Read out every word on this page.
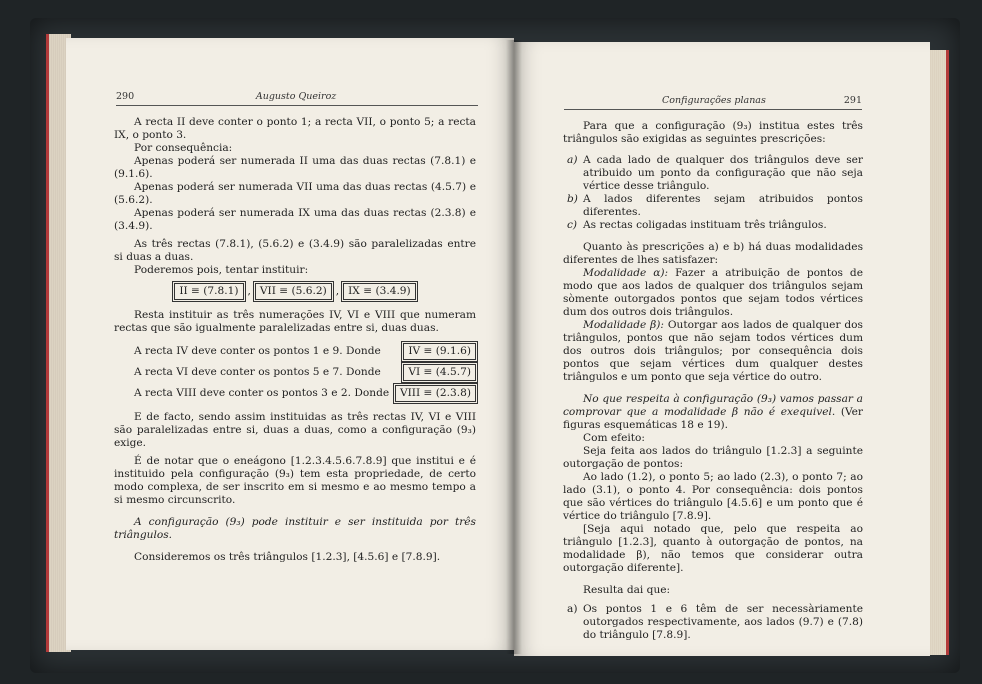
290	Augusto Queiroz

A recta II deve conter o ponto 1; a recta VII, o ponto 5; a recta IX, o ponto 3.

Por consequência:

Apenas poderá ser numerada II uma das duas rectas (7.8.1) e (9.1.6).

Apenas poderá ser numerada VII uma das duas rectas (4.5.7) e (5.6.2).

Apenas poderá ser numerada IX uma das duas rectas (2.3.8) e (3.4.9).

As três rectas (7.8.1), (5.6.2) e (3.4.9) são paralelizadas entre si duas a duas.

Poderemos pois, tentar instituir:

II ≡ (7.8.1) , VII ≡ (5.6.2) , IX ≡ (3.4.9)

Resta instituir as três numerações IV, VI e VIII que numeram rectas que são igualmente paralelizadas entre si, duas duas.

A recta IV deve conter os pontos 1 e 9. Donde	IV ≡ (9.1.6)
A recta VI deve conter os pontos 5 e 7. Donde	VI ≡ (4.5.7)
A recta VIII deve conter os pontos 3 e 2. Donde	VIII ≡ (2.3.8)

E de facto, sendo assim instituidas as três rectas IV, VI e VIII são paralelizadas entre si, duas a duas, como a configuração (9₃) exige.

É de notar que o eneágono [1.2.3.4.5.6.7.8.9] que institui e é instituido pela configuração (9₃) tem esta propriedade, de certo modo complexa, de ser inscrito em si mesmo e ao mesmo tempo a si mesmo circunscrito.

A configuração (9₃) pode instituir e ser instituida por três triângulos.

Consideremos os três triângulos [1.2.3], [4.5.6] e [7.8.9].

Configurações planas	291

Para que a configuração (9₃) institua estes três triângulos são exigidas as seguintes prescrições:

a) A cada lado de qualquer dos triângulos deve ser atribuido um ponto da configuração que não seja vértice desse triângulo.
b) A lados diferentes sejam atribuidos pontos diferentes.
c) As rectas coligadas instituam três triângulos.

Quanto às prescrições a) e b) há duas modalidades diferentes de lhes satisfazer:

Modalidade α): Fazer a atribuição de pontos de modo que aos lados de qualquer dos triângulos sejam sòmente outorgados pontos que sejam todos vértices dum dos outros dois triângulos.

Modalidade β): Outorgar aos lados de qualquer dos triângulos, pontos que não sejam todos vértices dum dos outros dois triângulos; por consequência dois pontos que sejam vértices dum qualquer destes triângulos e um ponto que seja vértice do outro.

No que respeita à configuração (9₃) vamos passar a comprovar que a modalidade β não é exequivel. (Ver figuras esquemáticas 18 e 19).

Com efeito:

Seja feita aos lados do triângulo [1.2.3] a seguinte outorgação de pontos:

Ao lado (1.2), o ponto 5; ao lado (2.3), o ponto 7; ao lado (3.1), o ponto 4. Por consequência: dois pontos que são vértices do triângulo [4.5.6] e um ponto que é vértice do triângulo [7.8.9].

[Seja aqui notado que, pelo que respeita ao triângulo [1.2.3], quanto à outorgação de pontos, na modalidade β), não temos que considerar outra outorgação diferente].

Resulta dai que:

a) Os pontos 1 e 6 têm de ser necessàriamente outorgados respectivamente, aos lados (9.7) e (7.8) do triângulo [7.8.9].
